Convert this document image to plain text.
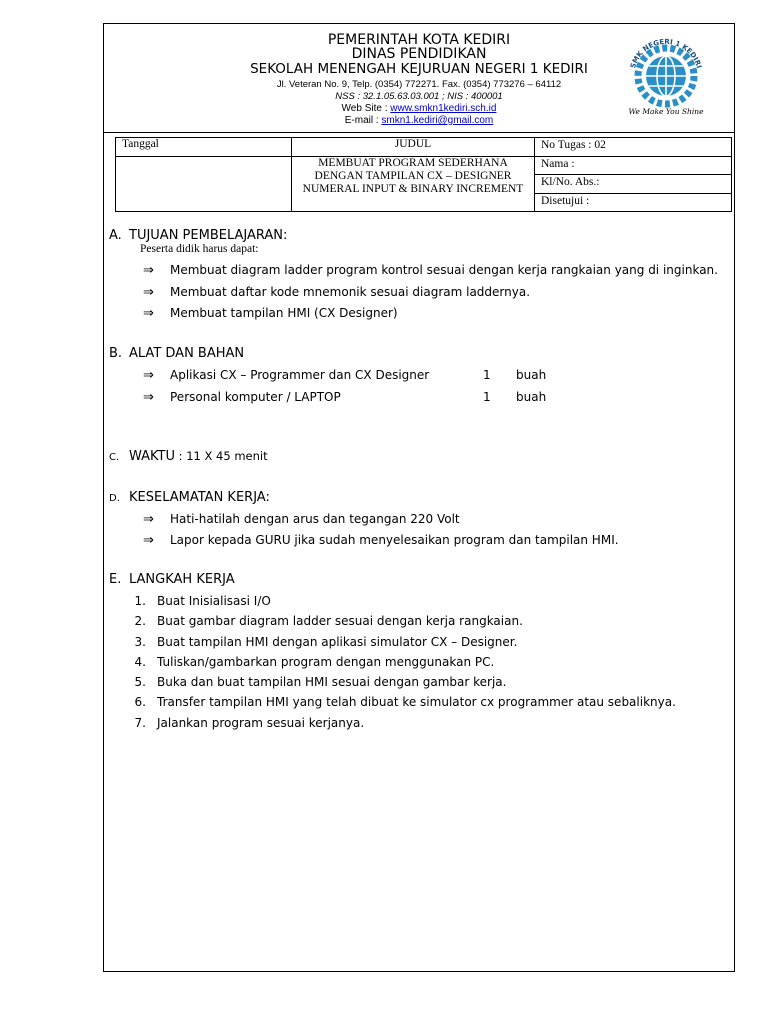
PEMERINTAH KOTA KEDIRI
DINAS PENDIDIKAN
SEKOLAH MENENGAH KEJURUAN NEGERI 1 KEDIRI
Jl. Veteran No. 9, Telp. (0354) 772271. Fax. (0354) 773276 – 64112
NSS : 32.1.05.63.03.001 ; NIS : 400001
Web Site : www.smkn1kediri.sch.id
E-mail : smkn1.kediri@gmail.com
SMK NEGERI 1 KEDIRI
We Make You Shine
Tanggal	JUDUL	No Tugas : 02
	MEMBUAT PROGRAM SEDERHANA DENGAN TAMPILAN CX – DESIGNER NUMERAL INPUT & BINARY INCREMENT	Nama :
		Kl/No. Abs.:
		Disetujui :
A. TUJUAN PEMBELAJARAN:
Peserta didik harus dapat:
⇒ Membuat diagram ladder program kontrol sesuai dengan kerja rangkaian yang di inginkan.
⇒ Membuat daftar kode mnemonik sesuai diagram laddernya.
⇒ Membuat tampilan HMI (CX Designer)
B. ALAT DAN BAHAN
⇒ Aplikasi CX – Programmer dan CX Designer	1 buah
⇒ Personal komputer / LAPTOP	1 buah
C. WAKTU : 11 X 45 menit
D. KESELAMATAN KERJA:
⇒ Hati-hatilah dengan arus dan tegangan 220 Volt
⇒ Lapor kepada GURU jika sudah menyelesaikan program dan tampilan HMI.
E. LANGKAH KERJA
1. Buat Inisialisasi I/O
2. Buat gambar diagram ladder sesuai dengan kerja rangkaian.
3. Buat tampilan HMI dengan aplikasi simulator CX – Designer.
4. Tuliskan/gambarkan program dengan menggunakan PC.
5. Buka dan buat tampilan HMI sesuai dengan gambar kerja.
6. Transfer tampilan HMI yang telah dibuat ke simulator cx programmer atau sebaliknya.
7. Jalankan program sesuai kerjanya.
